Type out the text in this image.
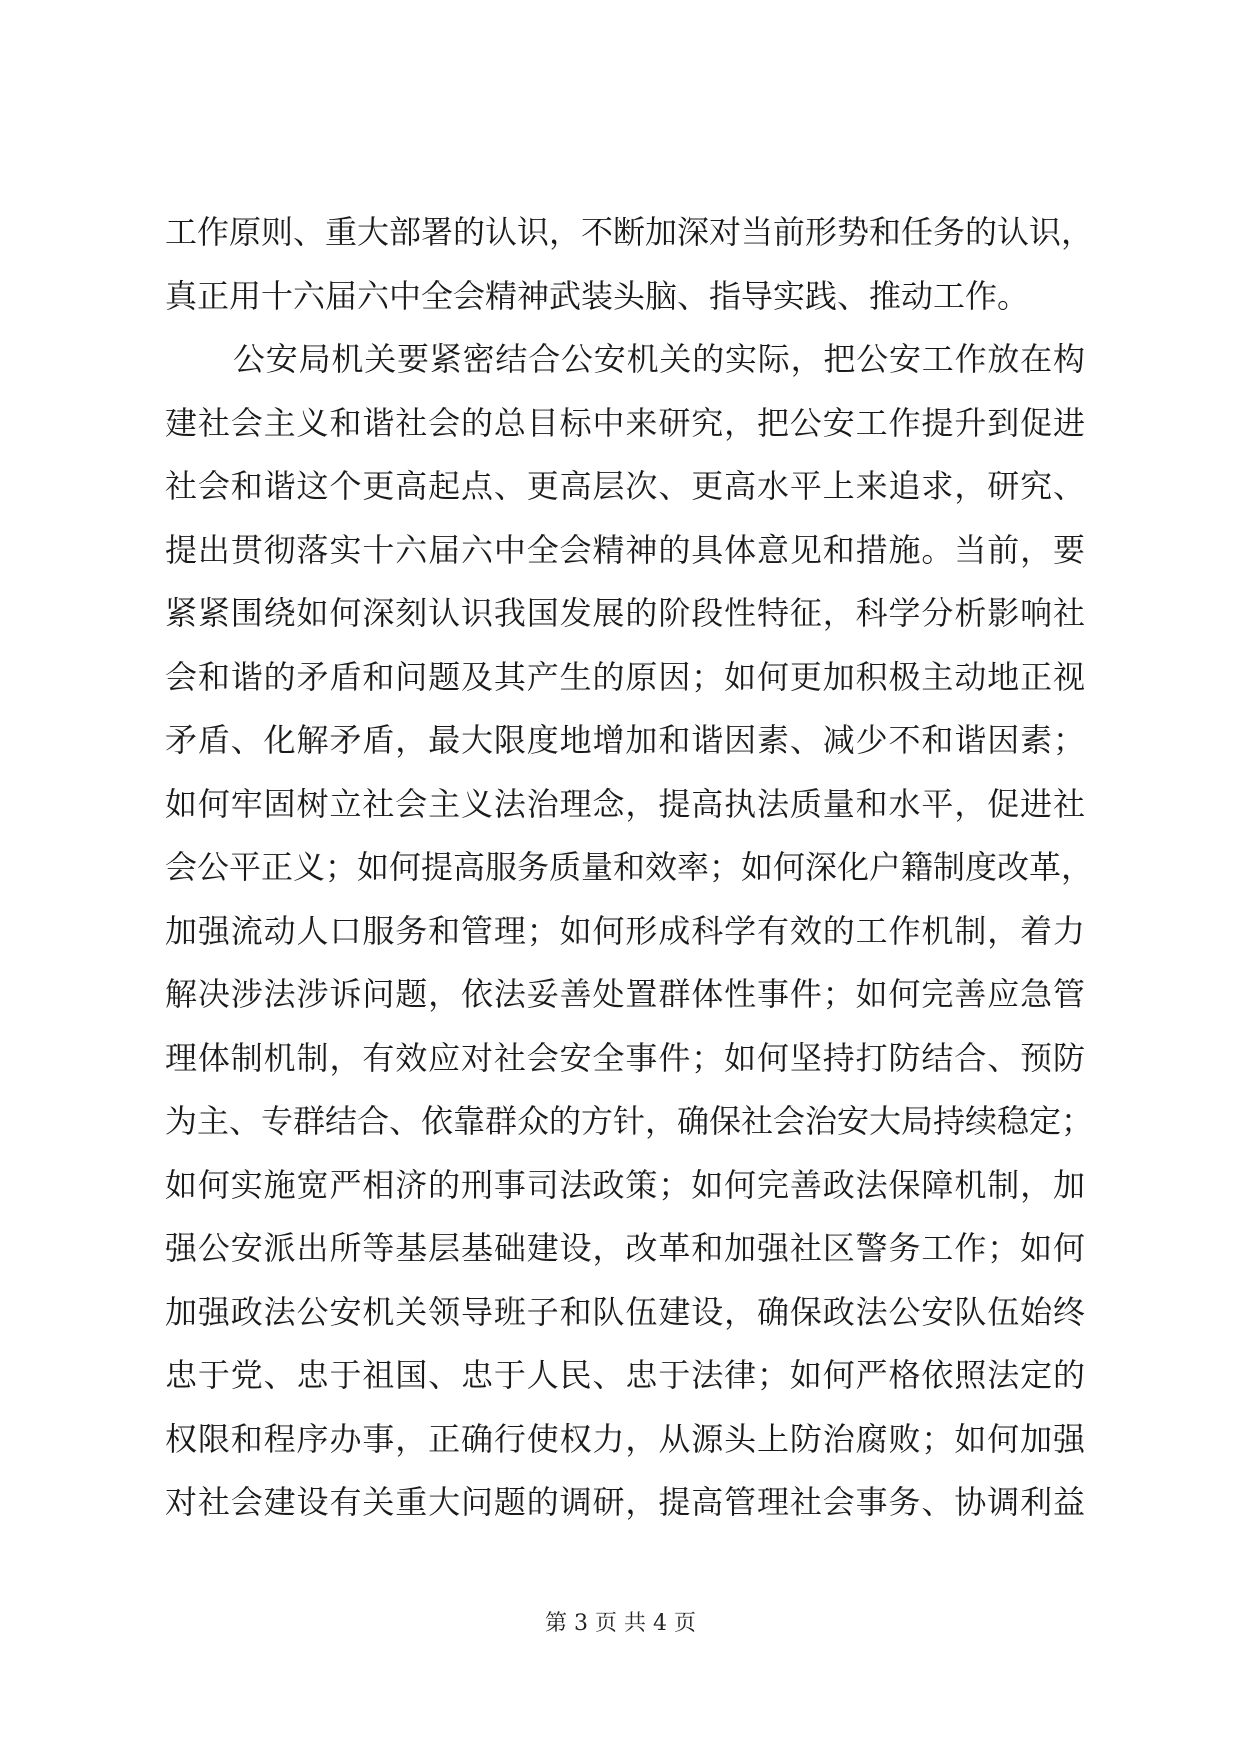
工作原则、重大部署的认识，不断加深对当前形势和任务的认识，
真正用十六届六中全会精神武装头脑、指导实践、推动工作。
公安局机关要紧密结合公安机关的实际，把公安工作放在构
建社会主义和谐社会的总目标中来研究，把公安工作提升到促进
社会和谐这个更高起点、更高层次、更高水平上来追求，研究、
提出贯彻落实十六届六中全会精神的具体意见和措施。当前，要
紧紧围绕如何深刻认识我国发展的阶段性特征，科学分析影响社
会和谐的矛盾和问题及其产生的原因；如何更加积极主动地正视
矛盾、化解矛盾，最大限度地增加和谐因素、减少不和谐因素；
如何牢固树立社会主义法治理念，提高执法质量和水平，促进社
会公平正义；如何提高服务质量和效率；如何深化户籍制度改革，
加强流动人口服务和管理；如何形成科学有效的工作机制，着力
解决涉法涉诉问题，依法妥善处置群体性事件；如何完善应急管
理体制机制，有效应对社会安全事件；如何坚持打防结合、预防
为主、专群结合、依靠群众的方针，确保社会治安大局持续稳定；
如何实施宽严相济的刑事司法政策；如何完善政法保障机制，加
强公安派出所等基层基础建设，改革和加强社区警务工作；如何
加强政法公安机关领导班子和队伍建设，确保政法公安队伍始终
忠于党、忠于祖国、忠于人民、忠于法律；如何严格依照法定的
权限和程序办事，正确行使权力，从源头上防治腐败；如何加强
对社会建设有关重大问题的调研，提高管理社会事务、协调利益
第 3 页 共 4 页
